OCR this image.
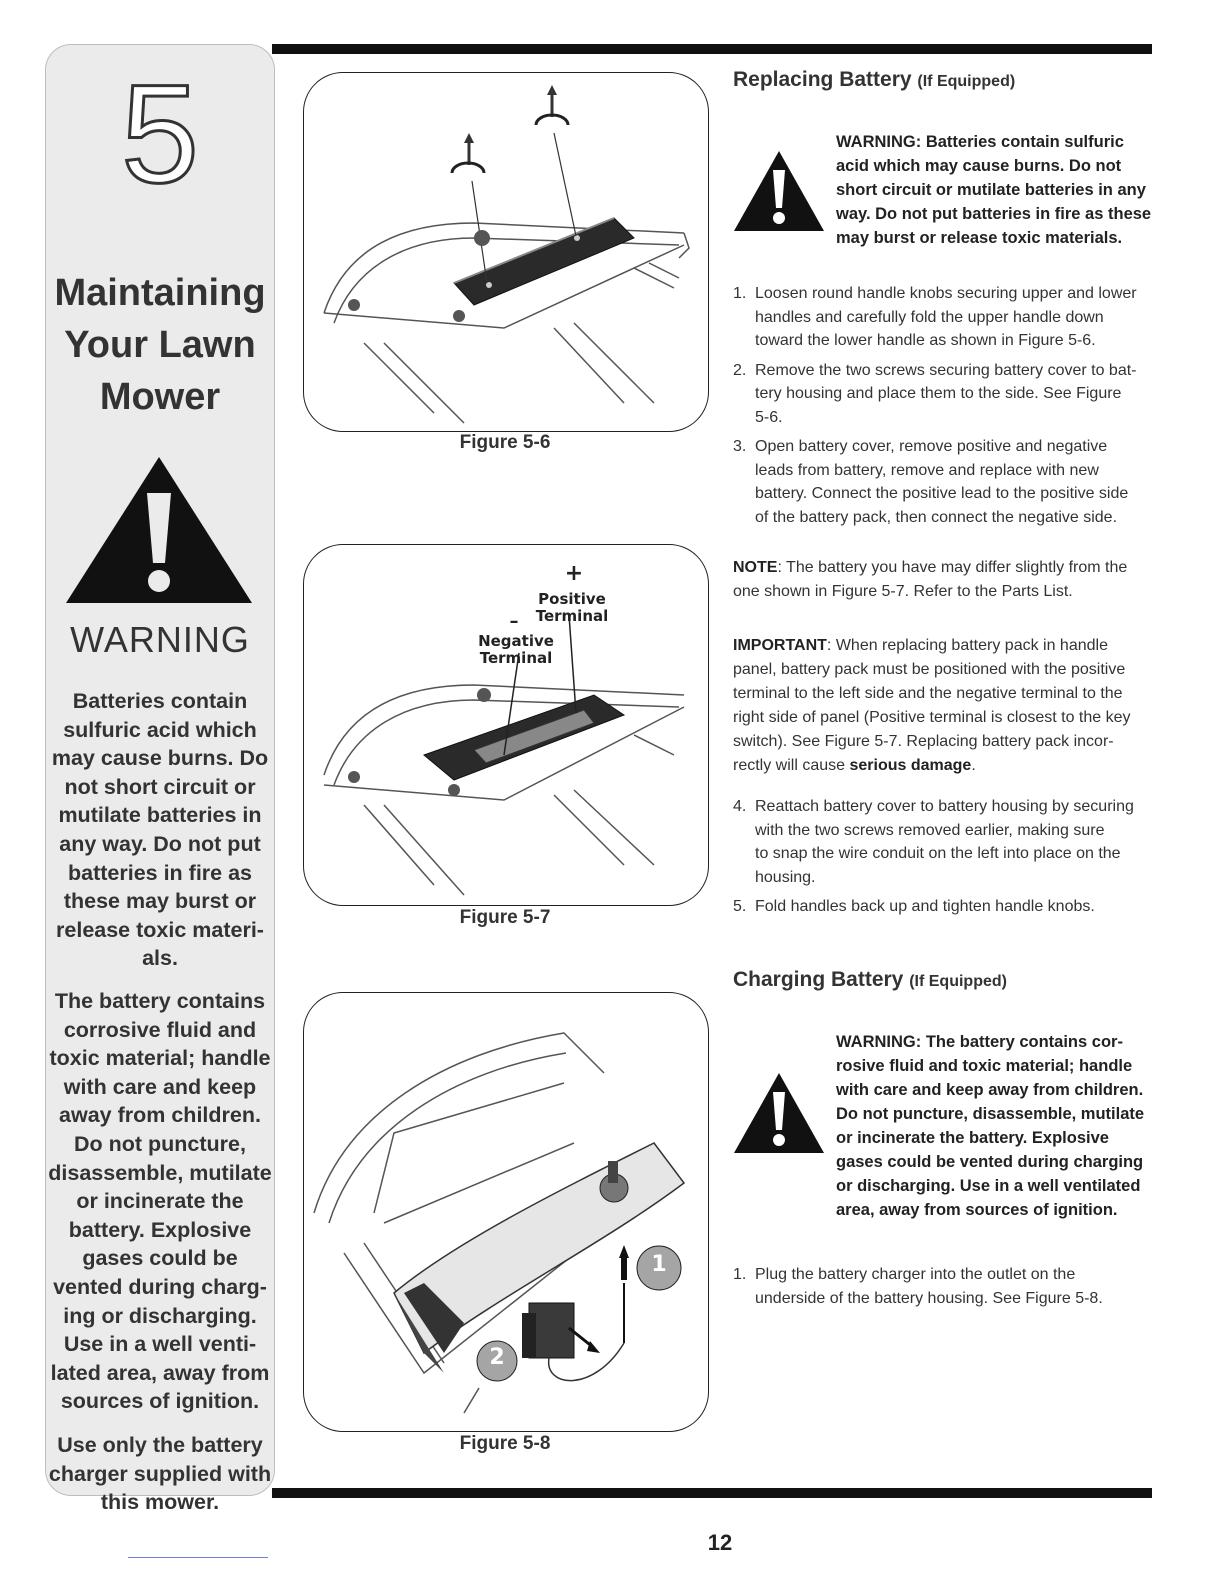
5
Maintaining
Your Lawn
Mower
WARNING

Batteries contain
sulfuric acid which
may cause burns. Do
not short circuit or
mutilate batteries in
any way. Do not put
batteries in fire as
these may burst or
release toxic materi-
als.

The battery contains
corrosive fluid and
toxic material; handle
with care and keep
away from children.
Do not puncture,
disassemble, mutilate
or incinerate the
battery. Explosive
gases could be
vented during charg-
ing or discharging.
Use in a well venti-
lated area, away from
sources of ignition.

Use only the battery
charger supplied with
this mower.

Figure 5-6
+
Positive
Terminal
–
Negative
Terminal
Figure 5-7
1
2
Figure 5-8
Replacing Battery (If Equipped)

WARNING: Batteries contain sulfuric
acid which may cause burns. Do not
short circuit or mutilate batteries in any
way. Do not put batteries in fire as these
may burst or release toxic materials.

1. Loosen round handle knobs securing upper and lower
handles and carefully fold the upper handle down
toward the lower handle as shown in Figure 5-6.
2. Remove the two screws securing battery cover to bat-
tery housing and place them to the side. See Figure
5-6.
3. Open battery cover, remove positive and negative
leads from battery, remove and replace with new
battery. Connect the positive lead to the positive side
of the battery pack, then connect the negative side.

NOTE: The battery you have may differ slightly from the
one shown in Figure 5-7. Refer to the Parts List.

IMPORTANT: When replacing battery pack in handle
panel, battery pack must be positioned with the positive
terminal to the left side and the negative terminal to the
right side of panel (Positive terminal is closest to the key
switch). See Figure 5-7. Replacing battery pack incor-
rectly will cause serious damage.

4. Reattach battery cover to battery housing by securing
with the two screws removed earlier, making sure
to snap the wire conduit on the left into place on the
housing.
5. Fold handles back up and tighten handle knobs.
Charging Battery (If Equipped)

WARNING: The battery contains cor-
rosive fluid and toxic material; handle
with care and keep away from children.
Do not puncture, disassemble, mutilate
or incinerate the battery. Explosive
gases could be vented during charging
or discharging. Use in a well ventilated
area, away from sources of ignition.

1. Plug the battery charger into the outlet on the
underside of the battery housing. See Figure 5-8.
12
